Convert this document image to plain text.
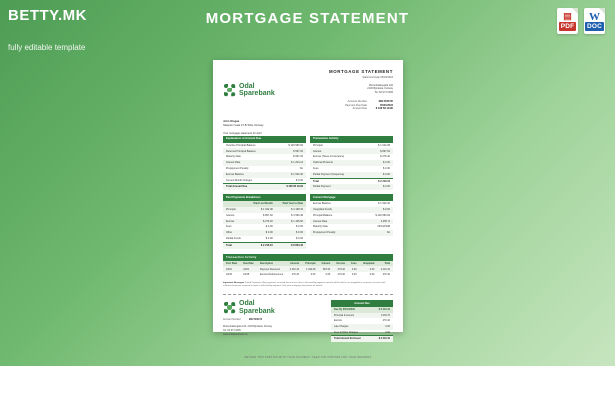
BETTY.MK
fully editable template
MORTGAGE STATEMENT	▤
PDF
W
DOC
Odal
Sparebank
MORTGAGE STATEMENT
Statement Date 05/04/2023
Mortenbakkegata 120
2100 Bjorkelia, Norway
Tel: 62 971 0005
Account Number	989 5038 05
Payment Due Date	05/31/2023
Amount Due	$ 138 58 19.90
John Olsgaa
Skarplon Gata 27-B Tolla, Norway
Your mortgage statement for April
Explanation of Amount Due
Overdue Principal Balance	$ 149 580.84
Deferred Principal Balance	$ 597.00
Maturity Date	$ 697.00
Interest Rate	$ 1 204.12
Prepayment Penalty	No
Escrow Balance	$ 1 620.40
Current Month Charges	$ 0.00
Total Amount Due	$ 138 58 19.90
Transaction Activity
Principal	$ 1 042.08
Interest	$ 897.62
Escrow (Taxes & Insurance)	$ 276.40
Optional Products	$ 0.00
Fees	$ 0.00
Partial Payment (Suspense)	$ 0.00
Total	$ 2 216.10
Partial Payment	$ 0.00
Past Payments Breakdown
	Paid Last Month	Paid Year to Date
Principal	$ 1 042.08	$ 4 168.32
Interest	$ 897.62	$ 3 590.48
Escrow	$ 276.40	$ 1 105.60
Fees	$ 0.00	$ 0.00
Other	$ 0.00	$ 0.00
Partial Funds	$ 0.00	$ 0.00
Total	$ 2 216.10	$ 8 864.40
Current Mortgage
Escrow Balance	$ 1 620.40
Unapplied Funds	$ 0.00
Principal Balance	$ 149 580.84
Interest Rate	3.250 %
Maturity Date	06/01/2048
Prepayment Penalty	No
Transaction Activity
Post Date	Due Date	Description	Amount	Principal	Interest	Escrow	Fees	Unapplied	Total
04/01	04/01	Payment Received	2 216.10	1 042.08	897.62	276.40	0.00	0.00	2 216.10
04/15	04/15	Escrow Disbursement	276.40	0.00	0.00	276.40	0.00	0.00	276.40
Important Messages Partial Payments: Any payments received that are less than a full monthly payment amount will be held in an unapplied or suspense account until sufficient funds are received to make a full monthly payment. See your mortgage documents for details.
Odal
Sparebank
Account Number	989 5038 05
Mortenbakkegata 120, 2100 Bjorkelia, Norway
Tel: 62 971 0005
www.odalsparebank.no
Amount Due
Due By 05/31/2023	$ 2 216.10
Principal & Interest	1 939.70
Escrow	276.40
Late Charges	0.00
Fees & Other Charges	0.00
Total Amount Enclosed	$ 2 216.10
RETURN THIS PORTION WITH YOUR PAYMENT / KEEP TOP PORTION FOR YOUR RECORDS
